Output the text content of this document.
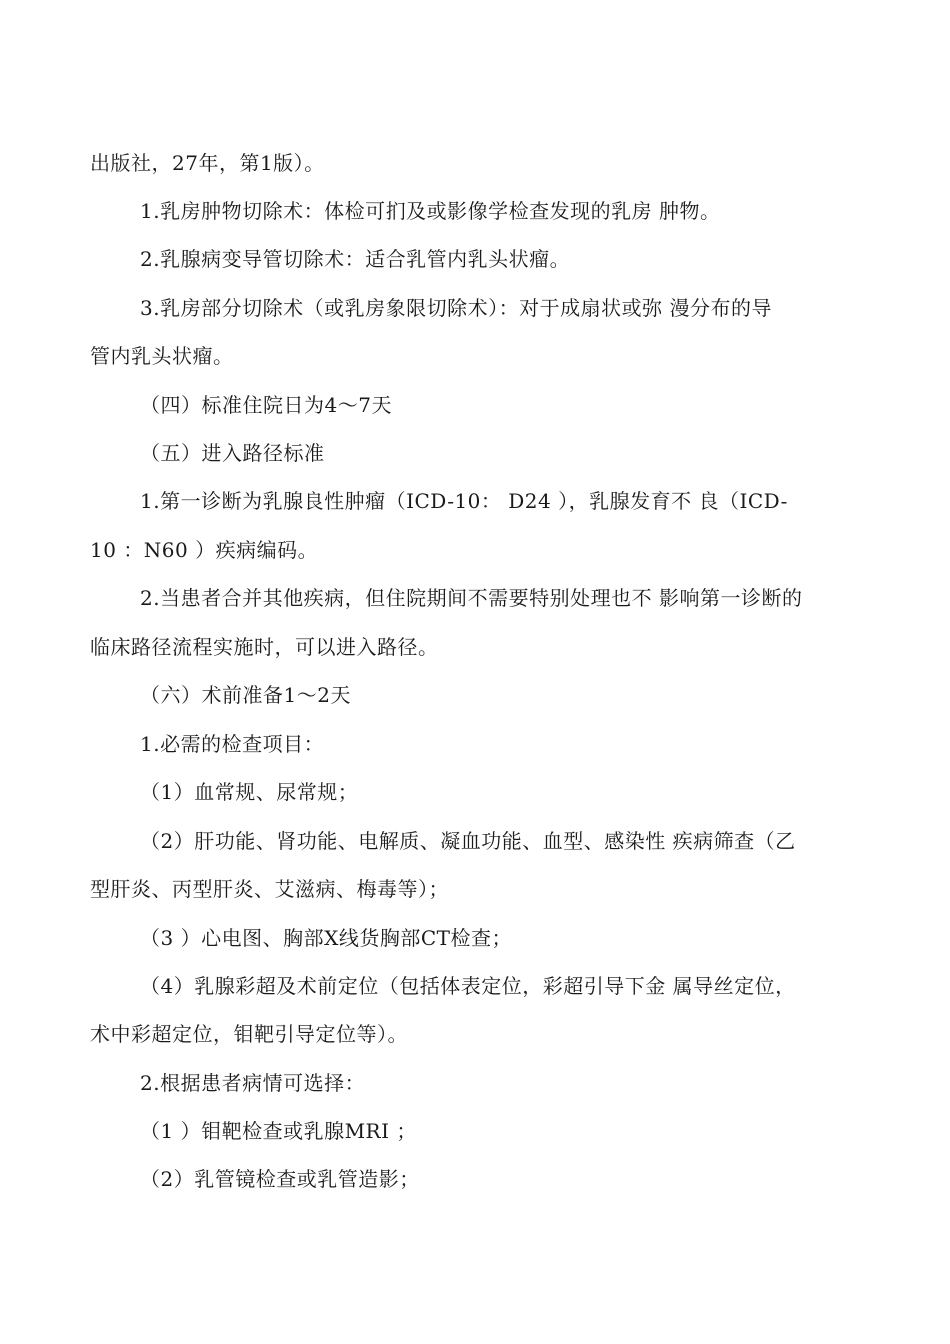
出版社，27年，第1版）。
1.乳房肿物切除术：体检可扪及或影像学检查发现的乳房 肿物。
2.乳腺病变导管切除术：适合乳管内乳头状瘤。
3.乳房部分切除术（或乳房象限切除术）：对于成扇状或弥 漫分布的导
管内乳头状瘤。
（四）标准住院日为4〜7天
（五）进入路径标准
1.第一诊断为乳腺良性肿瘤（ICD-10： D24 ），乳腺发育不 良（ICD-
10 ：N60 ）疾病编码。
2.当患者合并其他疾病，但住院期间不需要特别处理也不 影响第一诊断的
临床路径流程实施时，可以进入路径。
（六）术前准备1〜2天
1.必需的检查项目：
（1）血常规、尿常规；
（2）肝功能、肾功能、电解质、凝血功能、血型、感染性 疾病筛查（乙
型肝炎、丙型肝炎、艾滋病、梅毒等）；
（3 ）心电图、胸部X线货胸部CT检查；
（4）乳腺彩超及术前定位（包括体表定位，彩超引导下金 属导丝定位，
术中彩超定位，钼靶引导定位等）。
2.根据患者病情可选择：
（1 ）钼靶检查或乳腺MRI ；
（2）乳管镜检查或乳管造影；
